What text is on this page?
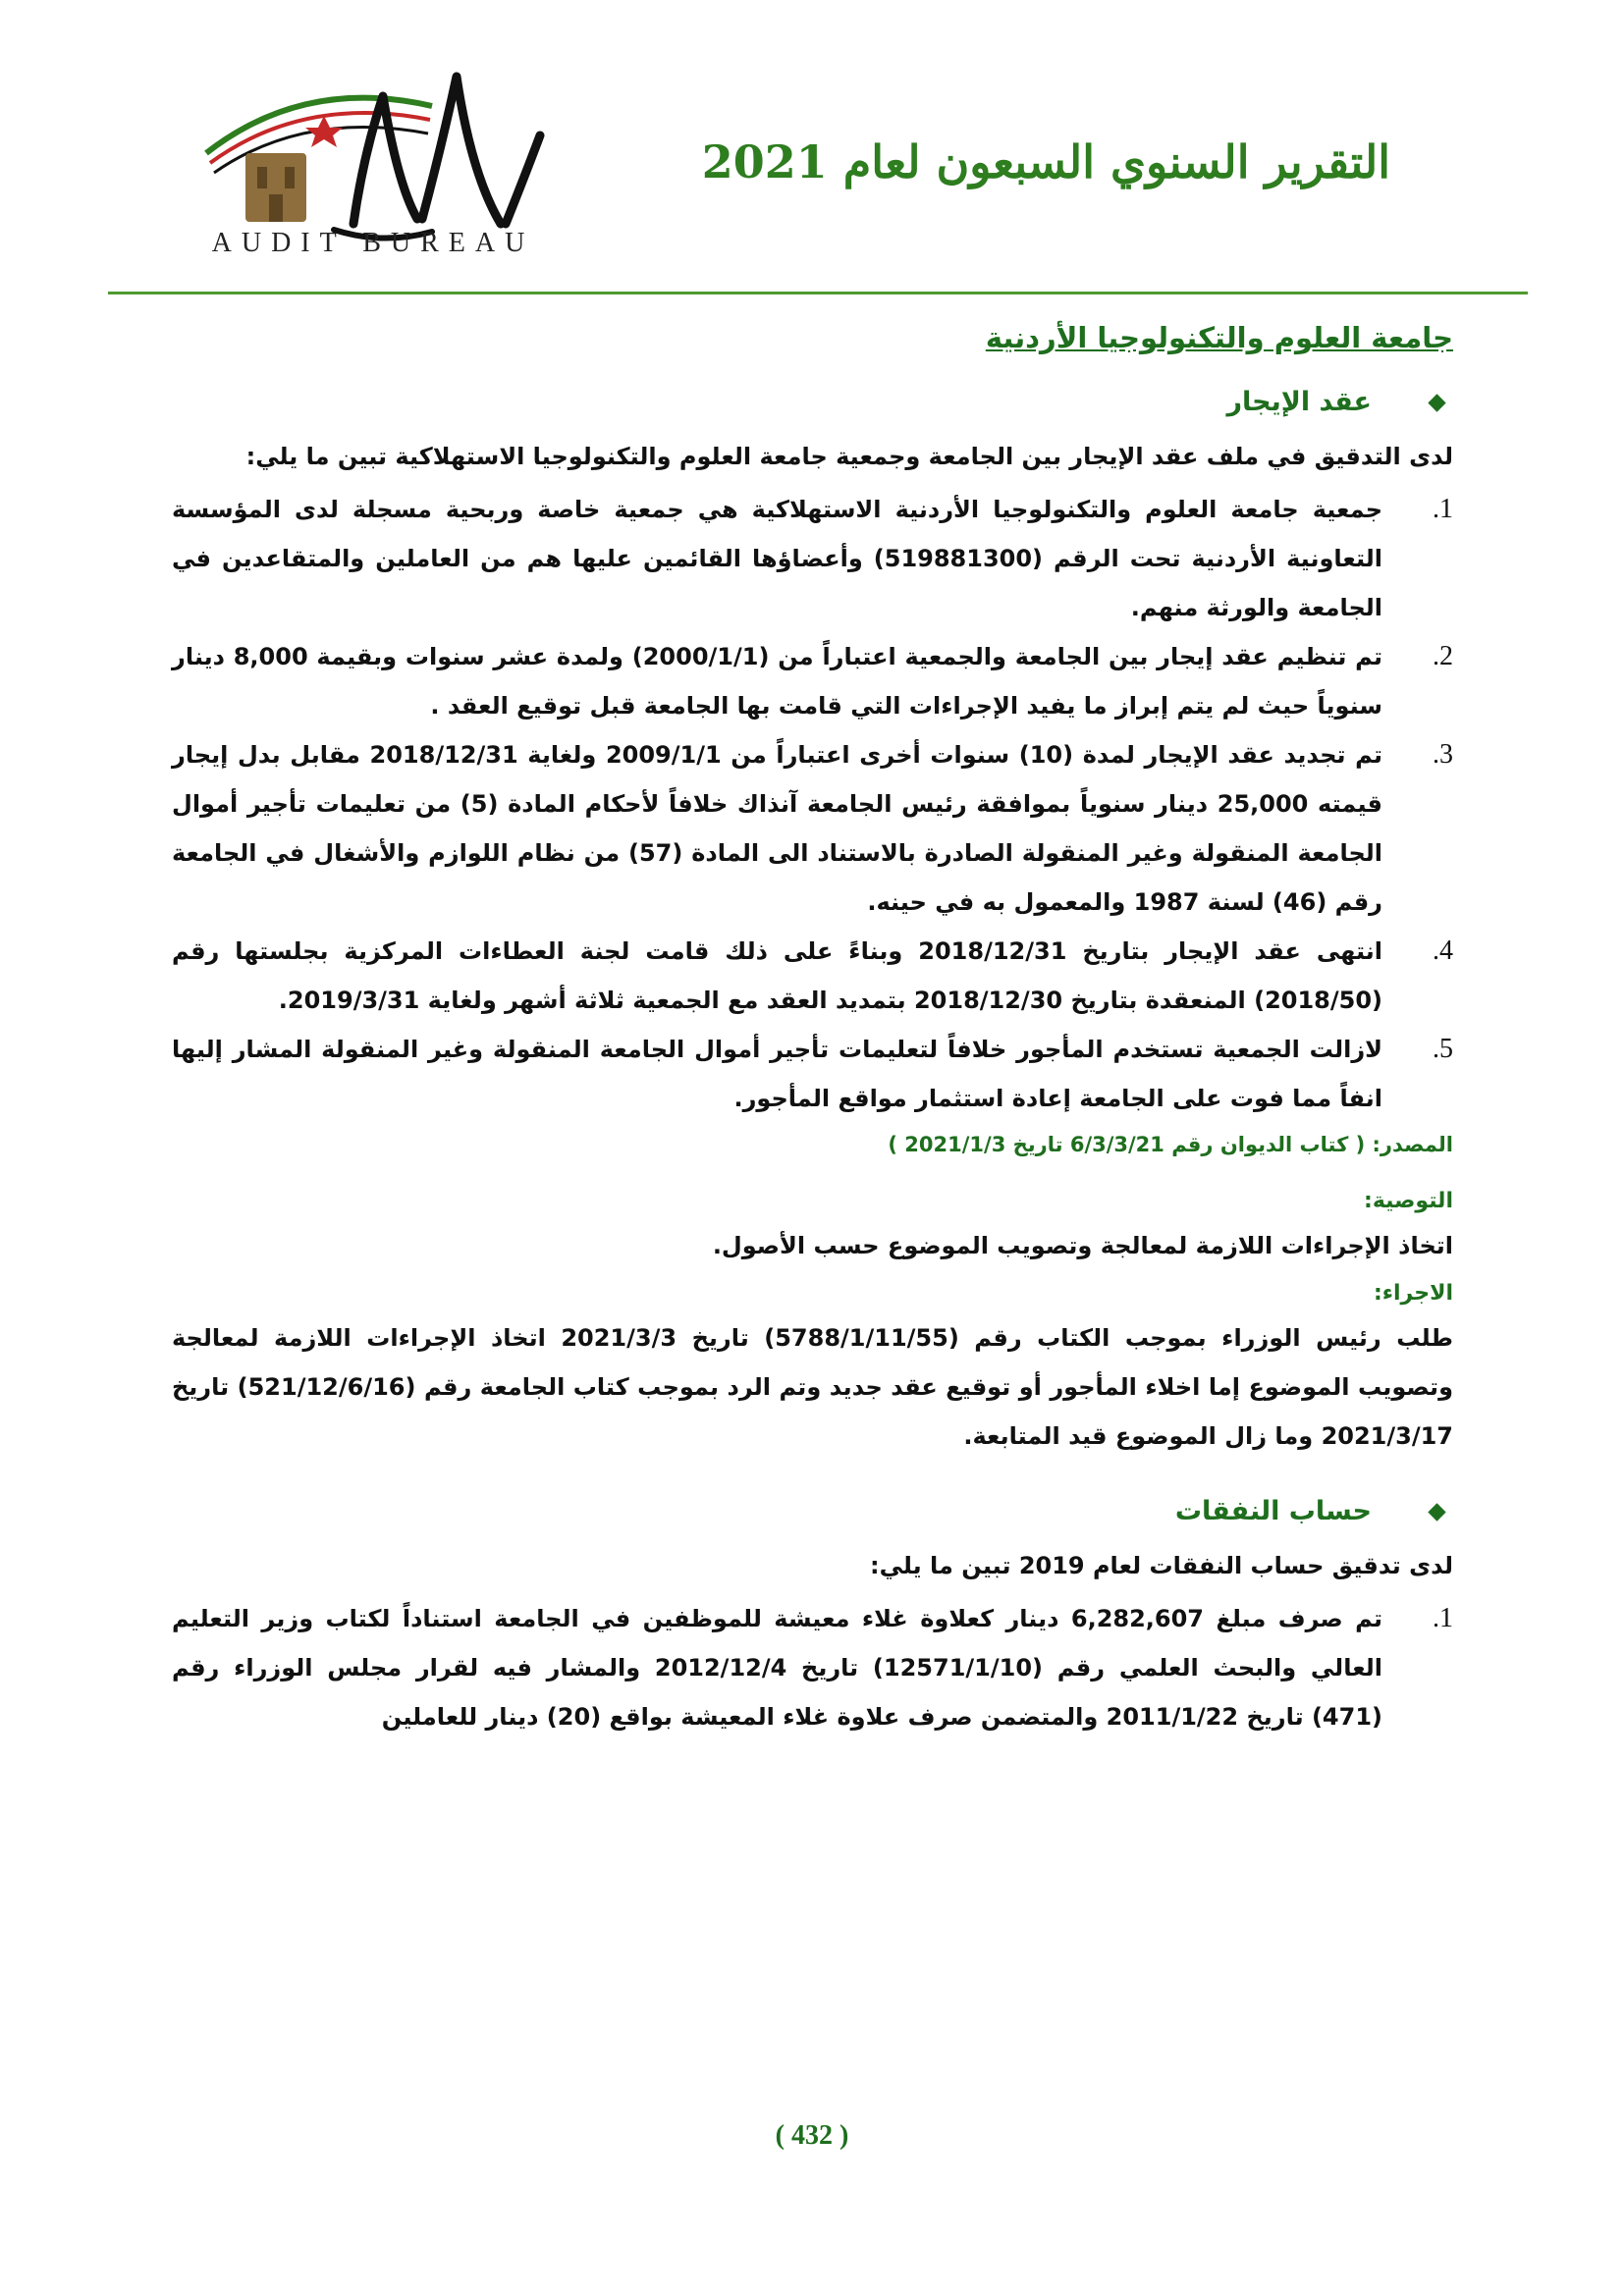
ديوان المحاسبة
AUDIT BUREAU
التقرير السنوي السبعون لعام 2021
جامعة العلوم والتكنولوجيا الأردنية
عقد الإيجار

لدى التدقيق في ملف عقد الإيجار بين الجامعة وجمعية جامعة العلوم والتكنولوجيا الاستهلاكية تبين ما يلي:

1.
جمعية جامعة العلوم والتكنولوجيا الأردنية الاستهلاكية هي جمعية خاصة وربحية مسجلة لدى المؤسسة التعاونية الأردنية تحت الرقم (519881300) وأعضاؤها القائمين عليها هم من العاملين والمتقاعدين في الجامعة والورثة منهم.
2.
تم تنظيم عقد إيجار بين الجامعة والجمعية اعتباراً من (2000/1/1) ولمدة عشر سنوات وبقيمة 8,000 دينار سنوياً حيث لم يتم إبراز ما يفيد الإجراءات التي قامت بها الجامعة قبل توقيع العقد .
3.
تم تجديد عقد الإيجار لمدة (10) سنوات أخرى اعتباراً من 2009/1/1 ولغاية 2018/12/31 مقابل بدل إيجار قيمته 25,000 دينار سنوياً بموافقة رئيس الجامعة آنذاك خلافاً لأحكام المادة (5) من تعليمات تأجير أموال الجامعة المنقولة وغير المنقولة الصادرة بالاستناد الى المادة (57) من نظام اللوازم والأشغال في الجامعة رقم (46) لسنة 1987 والمعمول به في حينه.
4.
انتهى عقد الإيجار بتاريخ 2018/12/31 وبناءً على ذلك قامت لجنة العطاءات المركزية بجلستها رقم (2018/50) المنعقدة بتاريخ 2018/12/30 بتمديد العقد مع الجمعية ثلاثة أشهر ولغاية 2019/3/31.
5.
لازالت الجمعية تستخدم المأجور خلافاً لتعليمات تأجير أموال الجامعة المنقولة وغير المنقولة المشار إليها انفاً مما فوت على الجامعة إعادة استثمار مواقع المأجور.
المصدر: ( كتاب الديوان رقم 6/3/3/21 تاريخ 2021/1/3 )
التوصية:

اتخاذ الإجراءات اللازمة لمعالجة وتصويب الموضوع حسب الأصول.

الاجراء:

طلب رئيس الوزراء بموجب الكتاب رقم (5788/1/11/55) تاريخ 2021/3/3 اتخاذ الإجراءات اللازمة لمعالجة وتصويب الموضوع إما اخلاء المأجور أو توقيع عقد جديد وتم الرد بموجب كتاب الجامعة رقم (521/12/6/16) تاريخ 2021/3/17 وما زال الموضوع قيد المتابعة.

حساب النفقات

لدى تدقيق حساب النفقات لعام 2019 تبين ما يلي:

1.
تم صرف مبلغ 6,282,607 دينار كعلاوة غلاء معيشة للموظفين في الجامعة استناداً لكتاب وزير التعليم العالي والبحث العلمي رقم (12571/1/10) تاريخ 2012/12/4 والمشار فيه لقرار مجلس الوزراء رقم (471) تاريخ 2011/1/22 والمتضمن صرف علاوة غلاء المعيشة بواقع (20) دينار للعاملين
( 432 )
